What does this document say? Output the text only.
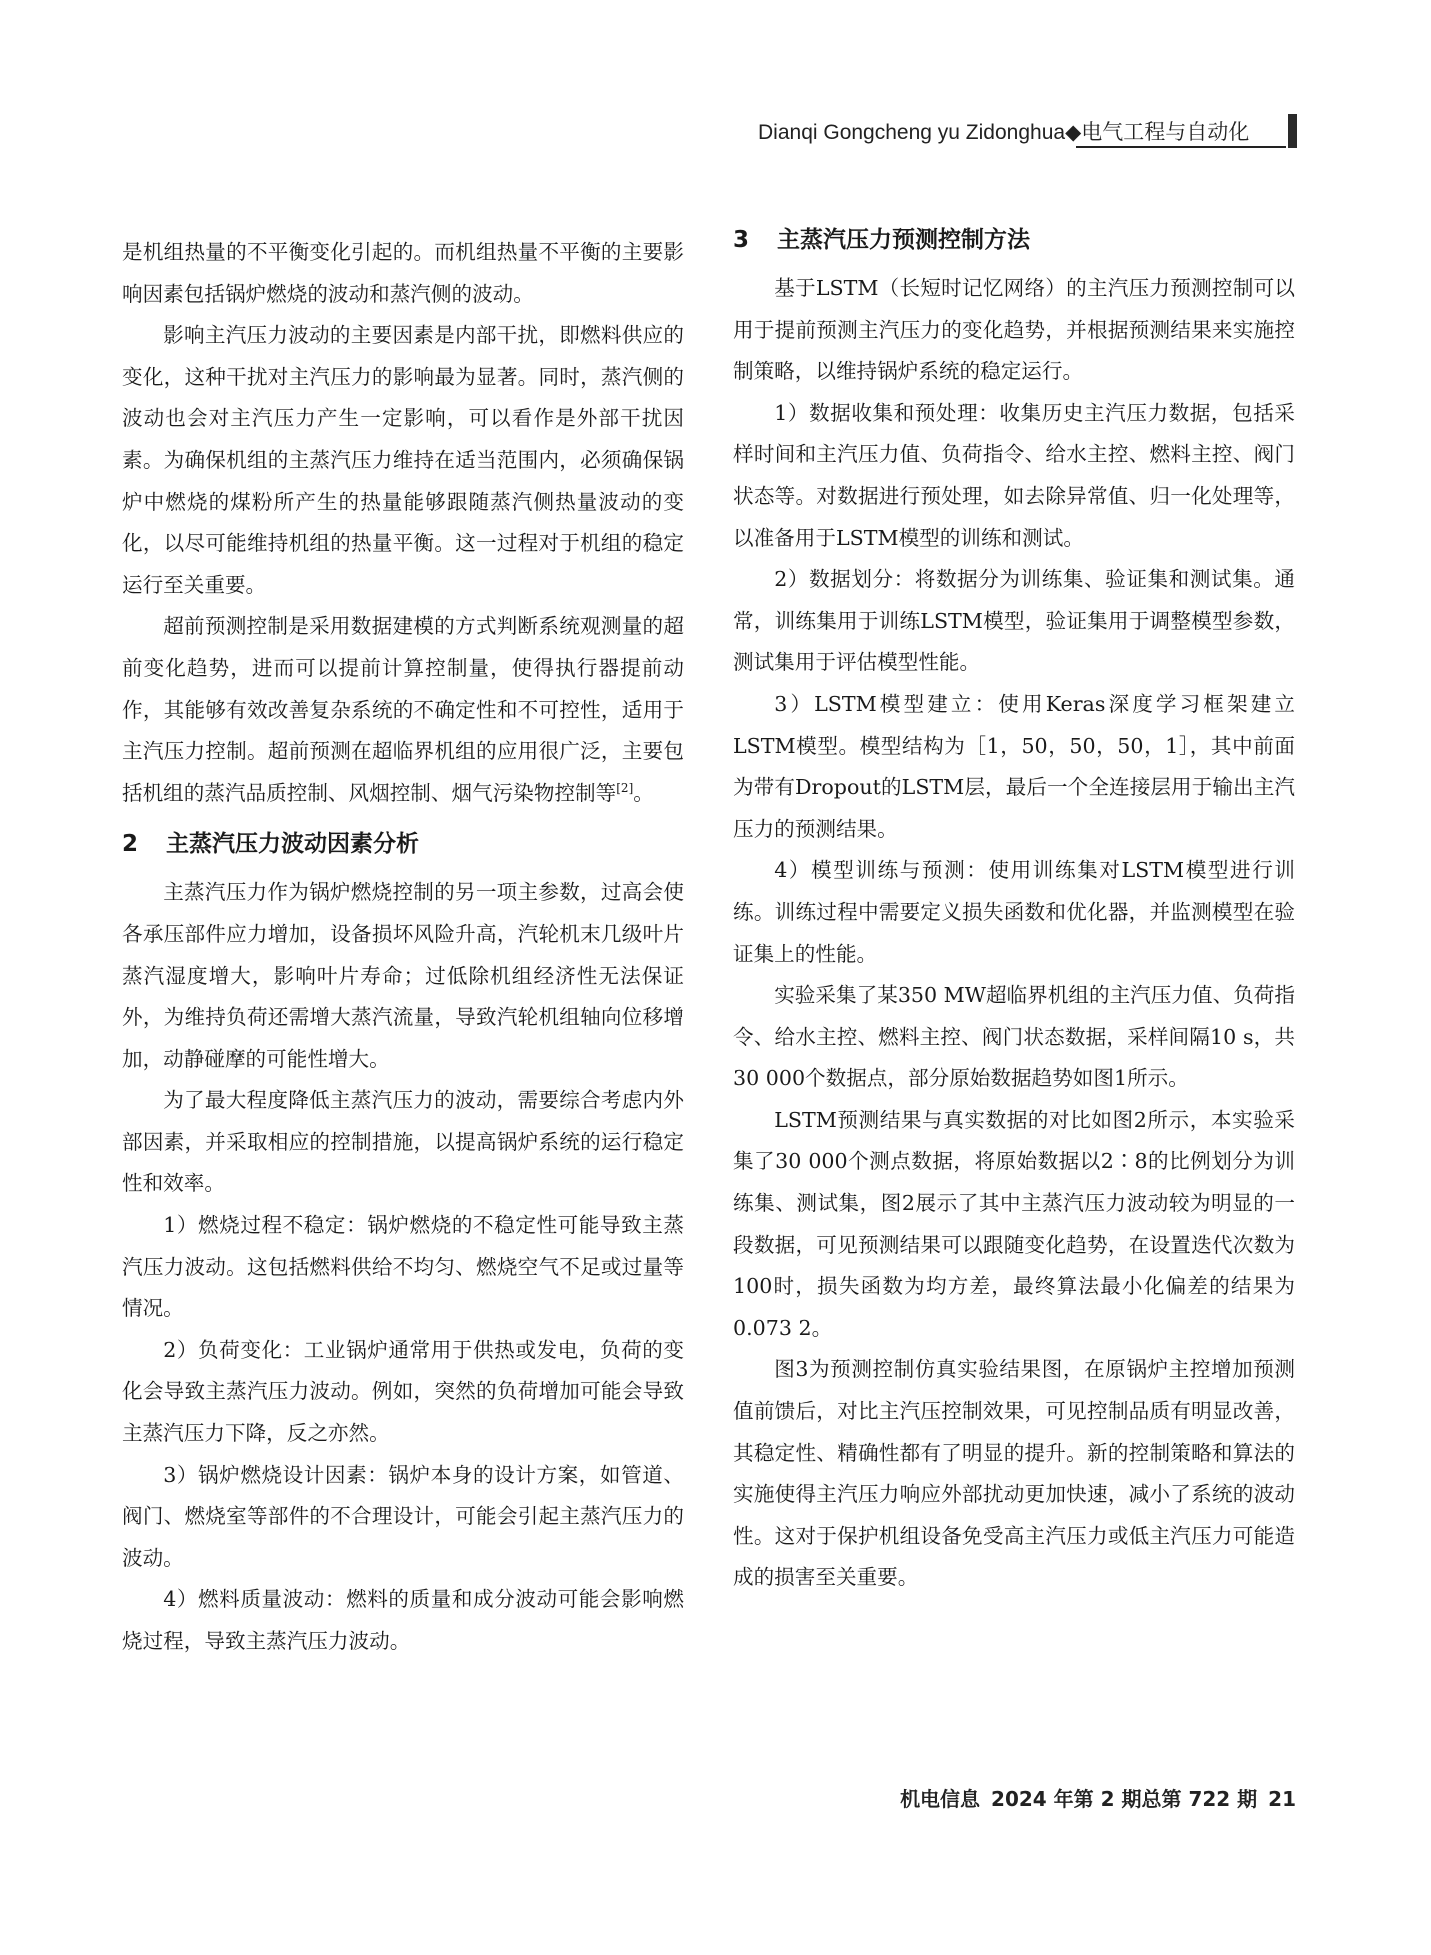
Dianqi Gongcheng yu Zidonghua◆电气工程与自动化

是机组热量的不平衡变化引起的。而机组热量不平衡的主要影响因素包括锅炉燃烧的波动和蒸汽侧的波动。

影响主汽压力波动的主要因素是内部干扰，即燃料供应的变化，这种干扰对主汽压力的影响最为显著。同时，蒸汽侧的波动也会对主汽压力产生一定影响，可以看作是外部干扰因素。为确保机组的主蒸汽压力维持在适当范围内，必须确保锅炉中燃烧的煤粉所产生的热量能够跟随蒸汽侧热量波动的变化，以尽可能维持机组的热量平衡。这一过程对于机组的稳定运行至关重要。

超前预测控制是采用数据建模的方式判断系统观测量的超前变化趋势，进而可以提前计算控制量，使得执行器提前动作，其能够有效改善复杂系统的不确定性和不可控性，适用于主汽压力控制。超前预测在超临界机组的应用很广泛，主要包括机组的蒸汽品质控制、风烟控制、烟气污染物控制等[2]。

2 主蒸汽压力波动因素分析

主蒸汽压力作为锅炉燃烧控制的另一项主参数，过高会使各承压部件应力增加，设备损坏风险升高，汽轮机末几级叶片蒸汽湿度增大，影响叶片寿命；过低除机组经济性无法保证外，为维持负荷还需增大蒸汽流量，导致汽轮机组轴向位移增加，动静碰摩的可能性增大。

为了最大程度降低主蒸汽压力的波动，需要综合考虑内外部因素，并采取相应的控制措施，以提高锅炉系统的运行稳定性和效率。

1）燃烧过程不稳定：锅炉燃烧的不稳定性可能导致主蒸汽压力波动。这包括燃料供给不均匀、燃烧空气不足或过量等情况。

2）负荷变化：工业锅炉通常用于供热或发电，负荷的变化会导致主蒸汽压力波动。例如，突然的负荷增加可能会导致主蒸汽压力下降，反之亦然。

3）锅炉燃烧设计因素：锅炉本身的设计方案，如管道、阀门、燃烧室等部件的不合理设计，可能会引起主蒸汽压力的波动。

4）燃料质量波动：燃料的质量和成分波动可能会影响燃烧过程，导致主蒸汽压力波动。

3 主蒸汽压力预测控制方法

基于LSTM（长短时记忆网络）的主汽压力预测控制可以用于提前预测主汽压力的变化趋势，并根据预测结果来实施控制策略，以维持锅炉系统的稳定运行。

1）数据收集和预处理：收集历史主汽压力数据，包括采样时间和主汽压力值、负荷指令、给水主控、燃料主控、阀门状态等。对数据进行预处理，如去除异常值、归一化处理等，以准备用于LSTM模型的训练和测试。

2）数据划分：将数据分为训练集、验证集和测试集。通常，训练集用于训练LSTM模型，验证集用于调整模型参数，测试集用于评估模型性能。

3）LSTM模型建立：使用Keras深度学习框架建立LSTM模型。模型结构为［1，50，50，50，1］，其中前面为带有Dropout的LSTM层，最后一个全连接层用于输出主汽压力的预测结果。

4）模型训练与预测：使用训练集对LSTM模型进行训练。训练过程中需要定义损失函数和优化器，并监测模型在验证集上的性能。

实验采集了某350 MW超临界机组的主汽压力值、负荷指令、给水主控、燃料主控、阀门状态数据，采样间隔10 s，共30 000个数据点，部分原始数据趋势如图1所示。

LSTM预测结果与真实数据的对比如图2所示，本实验采集了30 000个测点数据，将原始数据以2∶8的比例划分为训练集、测试集，图2展示了其中主蒸汽压力波动较为明显的一段数据，可见预测结果可以跟随变化趋势，在设置迭代次数为100时，损失函数为均方差，最终算法最小化偏差的结果为0.073 2。

图3为预测控制仿真实验结果图，在原锅炉主控增加预测值前馈后，对比主汽压控制效果，可见控制品质有明显改善，其稳定性、精确性都有了明显的提升。新的控制策略和算法的实施使得主汽压力响应外部扰动更加快速，减小了系统的波动性。这对于保护机组设备免受高主汽压力或低主汽压力可能造成的损害至关重要。

机电信息 2024 年第 2 期总第 722 期 21
